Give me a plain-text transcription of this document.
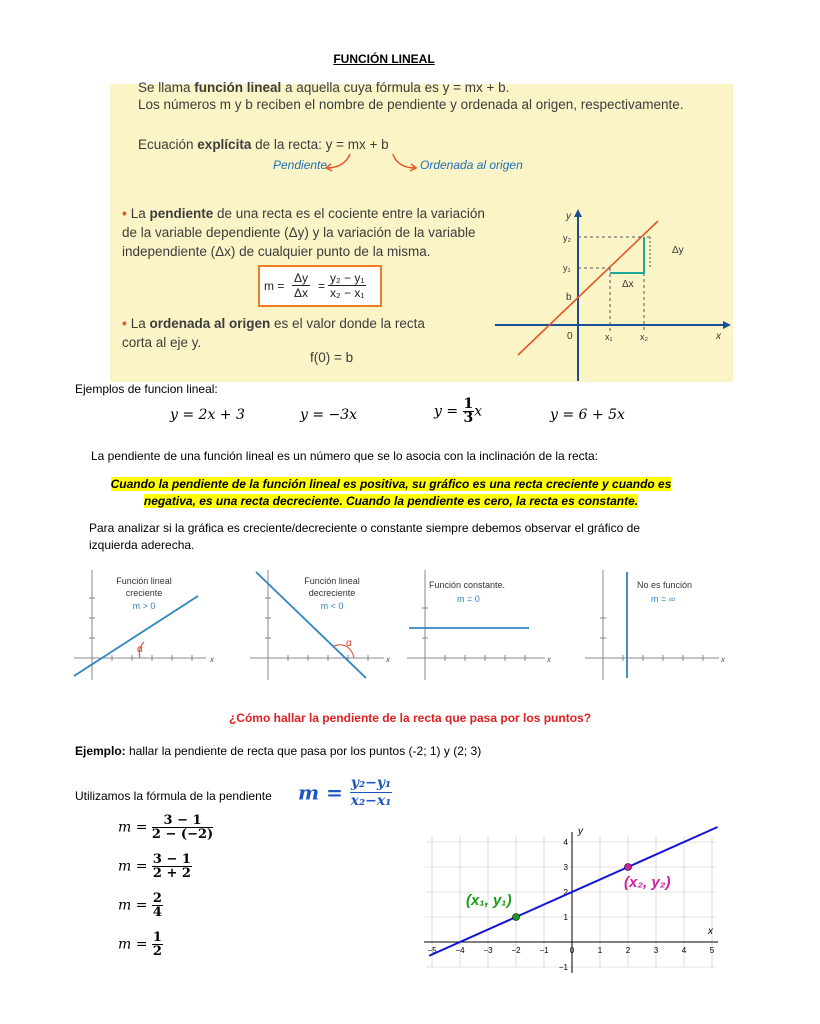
FUNCIÓN LINEAL
Se llama función lineal a aquella cuya fórmula es y = mx + b.
Los números m y b reciben el nombre de pendiente y ordenada al origen, respectivamente.
Ecuación explícita de la recta: y = mx + b
Pendiente	Ordenada al origen
• La pendiente de una recta es el cociente entre la variación
de la variable dependiente (Δy) y la variación de la variable
independiente (Δx) de cualquier punto de la misma.
$m = \frac{\Delta y}{\Delta x} = \frac{\text{y₂ − y₁}}{\text{x₂ − x₁}}$
• La ordenada al origen es el valor donde la recta
corta al eje y.
f(0) = b
y
x
y₂
y₁
b
0	x₁	x₂
Δy
Δx
Ejemplos de funcion lineal:
y = 2x + 3	y = −3x	$y = \frac{1}{3}$ x	y = 6 + 5x
La pendiente de una función lineal es un número que se lo asocia con la inclinación de la recta:
Cuando la pendiente de la función lineal es positiva, su gráfico es una recta creciente y cuando es
negativa, es una recta decreciente. Cuando la pendiente es cero, la recta es constante.
Para analizar si la gráfica es creciente/decreciente o constante siempre debemos observar el gráfico de
izquierda aderecha.
α
x
Función lineal
creciente
m > 0
α
x
Función lineal
decreciente
m < 0
x
Función constante.
m = 0
x
No es función
m = ∞
¿Cómo hallar la pendiente de la recta que pasa por los puntos?
Ejemplo: hallar la pendiente de recta que pasa por los puntos (-2; 1) y (2; 3)
Utilizamos la fórmula de la pendiente $m = \frac{\text{y₂−y₁}}{\text{x₂−x₁}}$
$m = \frac{3 - 1}{2 - (-2)}$
$m = \frac{3 - 1}{2 + 2}$
$m = \frac{2}{4}$
$m = \frac{1}{2}$	−5 −4 −3 −2 −1	0	1	2	3	4	5
−1
1
2
3
4
x
y
(x₁, y₁)
(x₂, y₂)
